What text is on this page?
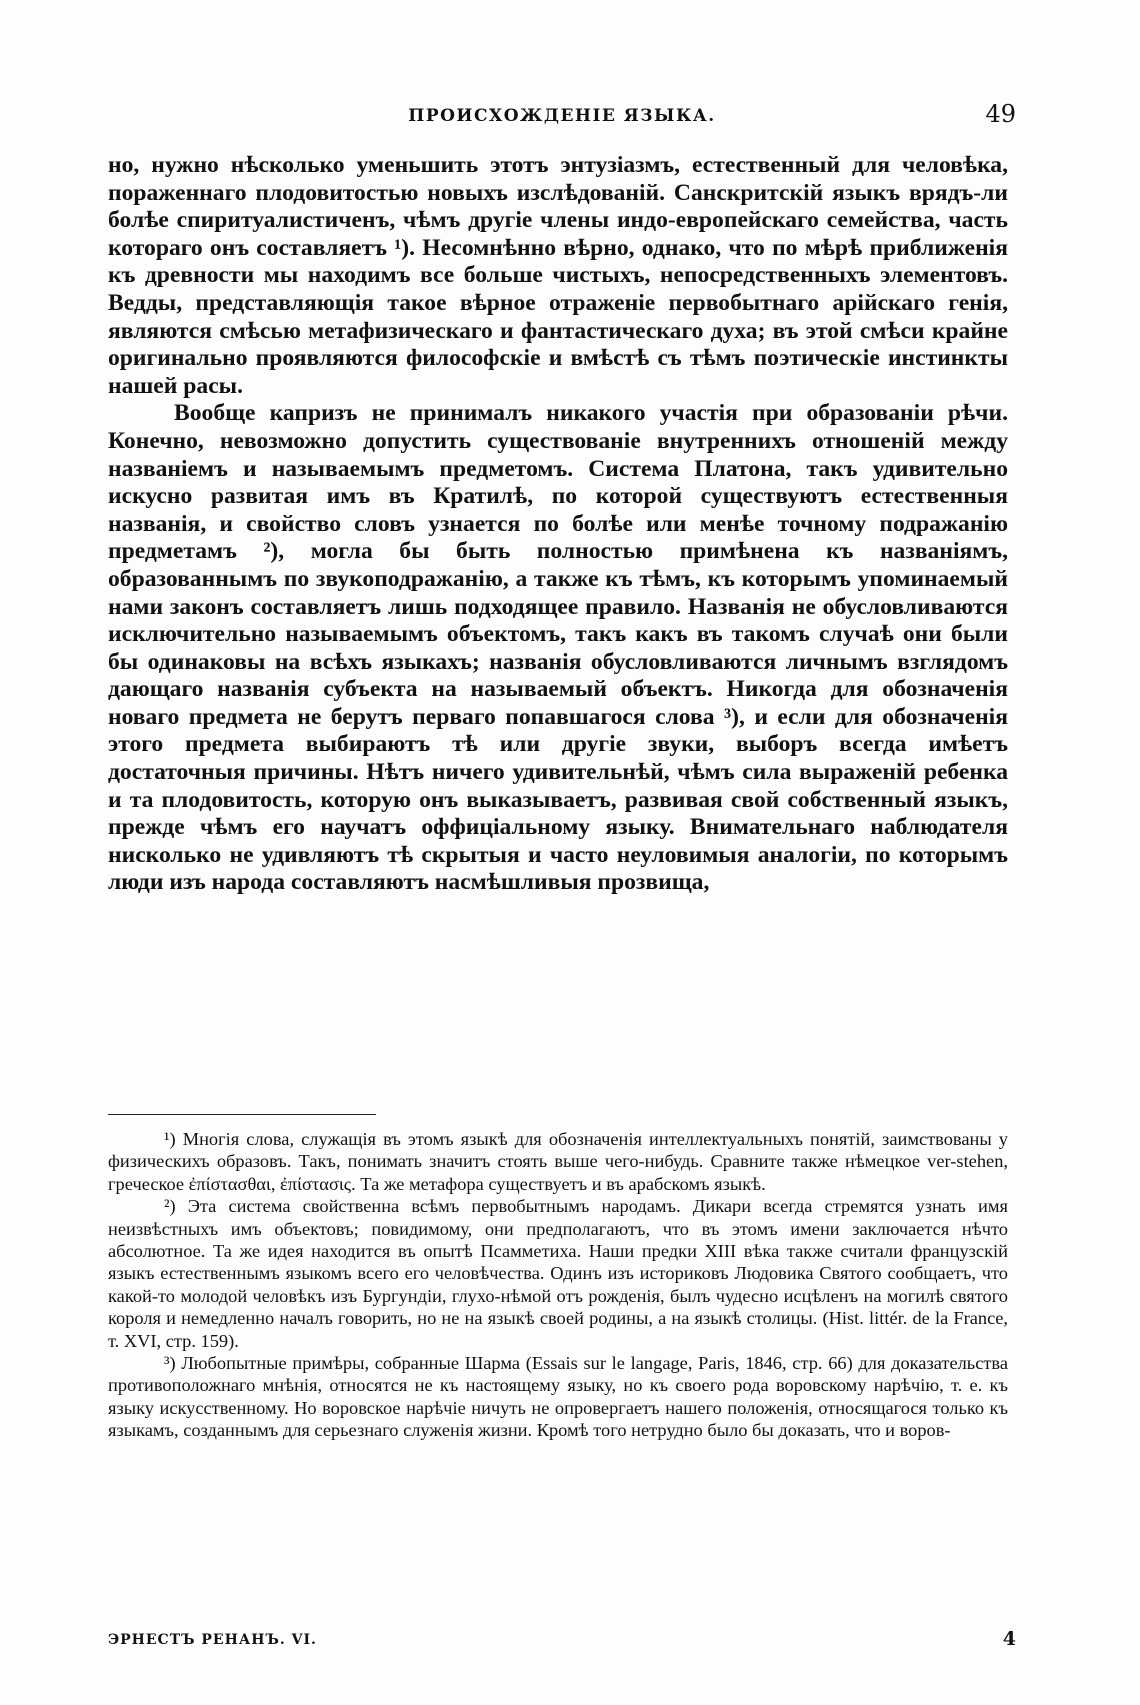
ПРОИСХОЖДЕНІЕ ЯЗЫКА.	49

но, нужно нѣсколько уменьшить этотъ энтузіазмъ, естественный для человѣка, пораженнаго плодовитостью новыхъ изслѣдованій. Санскритскій языкъ врядъ-ли болѣе спиритуалистиченъ, чѣмъ другіе члены индо-европейскаго семейства, часть котораго онъ составляетъ ¹). Несомнѣнно вѣрно, однако, что по мѣрѣ приближенія къ древности мы находимъ все больше чистыхъ, непосредственныхъ элементовъ. Ведды, представляющія такое вѣрное отраженіе первобытнаго арійскаго генія, являются смѣсью метафизическаго и фантастическаго духа; въ этой смѣси крайне оригинально проявляются философскіе и вмѣстѣ съ тѣмъ поэтическіе инстинкты нашей расы.

Вообще капризъ не принималъ никакого участія при образованіи рѣчи. Конечно, невозможно допустить существованіе внутреннихъ отношеній между названіемъ и называемымъ предметомъ. Система Платона, такъ удивительно искусно развитая имъ въ Кратилѣ, по которой существуютъ естественныя названія, и свойство словъ узнается по болѣе или менѣе точному подражанію предметамъ ²), могла бы быть полностью примѣнена къ названіямъ, образованнымъ по звукоподражанію, а также къ тѣмъ, къ которымъ упоминаемый нами законъ составляетъ лишь подходящее правило. Названія не обусловливаются исключительно называемымъ объектомъ, такъ какъ въ такомъ случаѣ они были бы одинаковы на всѣхъ языкахъ; названія обусловливаются личнымъ взглядомъ дающаго названія субъекта на называемый объектъ. Никогда для обозначенія новаго предмета не берутъ перваго попавшагося слова ³), и если для обозначенія этого предмета выбираютъ тѣ или другіе звуки, выборъ всегда имѣетъ достаточныя причины. Нѣтъ ничего удивительнѣй, чѣмъ сила выраженій ребенка и та плодовитость, которую онъ выказываетъ, развивая свой собственный языкъ, прежде чѣмъ его научатъ оффиціальному языку. Внимательнаго наблюдателя нисколько не удивляютъ тѣ скрытыя и часто неуловимыя аналогіи, по которымъ люди изъ народа составляютъ насмѣшливыя прозвища,

¹) Многія слова, служащія въ этомъ языкѣ для обозначенія интеллектуальныхъ понятій, заимствованы у физическихъ образовъ. Такъ, понимать значитъ стоять выше чего-нибудь. Сравните также нѣмецкое ver-stehen, греческое ἐπίστασθαι, ἐπίστασις. Та же метафора существуетъ и въ арабскомъ языкѣ.

²) Эта система свойственна всѣмъ первобытнымъ народамъ. Дикари всегда стремятся узнать имя неизвѣстныхъ имъ объектовъ; повидимому, они предполагаютъ, что въ этомъ имени заключается нѣчто абсолютное. Та же идея находится въ опытѣ Псамметиха. Наши предки XIII вѣка также считали французскій языкъ естественнымъ языкомъ всего его человѣчества. Одинъ изъ историковъ Людовика Святого сообщаетъ, что какой-то молодой человѣкъ изъ Бургундіи, глухо-нѣмой отъ рожденія, былъ чудесно исцѣленъ на могилѣ святого короля и немедленно началъ говорить, но не на языкѣ своей родины, а на языкѣ столицы. (Hist. littér. de la France, т. XVI, стр. 159).

³) Любопытные примѣры, собранные Шарма (Essais sur le langage, Paris, 1846, стр. 66) для доказательства противоположнаго мнѣнія, относятся не къ настоящему языку, но къ своего рода воровскому нарѣчію, т. е. къ языку искусственному. Но воровское нарѣчіе ничуть не опровергаетъ нашего положенія, относящагося только къ языкамъ, созданнымъ для серьезнаго служенія жизни. Кромѣ того нетрудно было бы доказать, что и воров-

ЭРНЕСТЪ РЕНАНЪ. VI.	4
